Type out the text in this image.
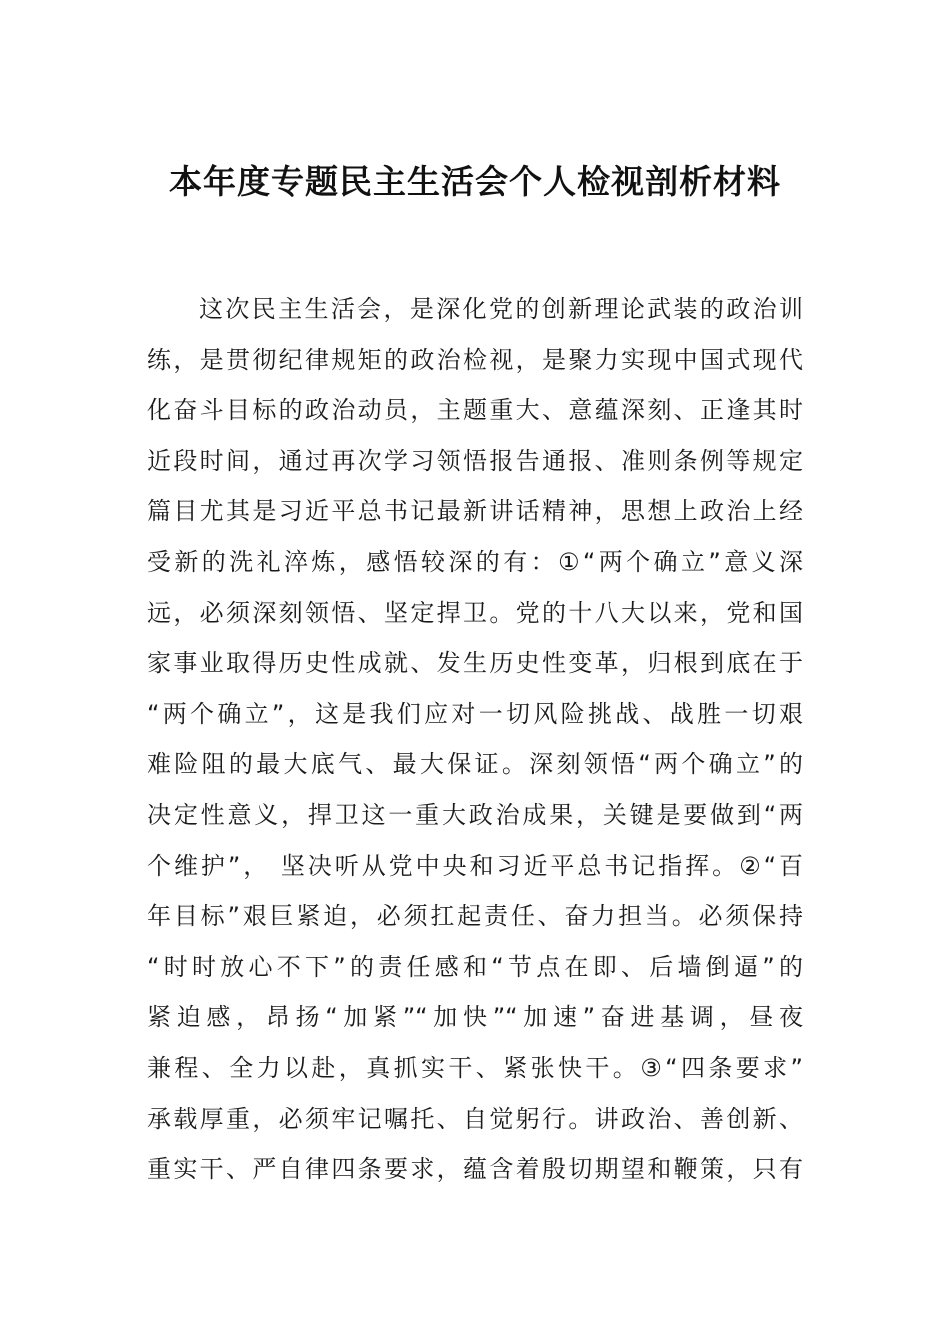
本年度专题民主生活会个人检视剖析材料
这次民主生活会，是深化党的创新理论武装的政治训
练，是贯彻纪律规矩的政治检视，是聚力实现中国式现代
化奋斗目标的政治动员，主题重大、意蕴深刻、正逢其时
近段时间，通过再次学习领悟报告通报、准则条例等规定
篇目尤其是习近平总书记最新讲话精神，思想上政治上经
受新的洗礼淬炼，感悟较深的有：①“两个确立”意义深
远，必须深刻领悟、坚定捍卫。党的十八大以来，党和国
家事业取得历史性成就、发生历史性变革，归根到底在于
“两个确立”，这是我们应对一切风险挑战、战胜一切艰
难险阻的最大底气、最大保证。深刻领悟“两个确立”的
决定性意义，捍卫这一重大政治成果，关键是要做到“两
个维护”， 坚决听从党中央和习近平总书记指挥。②“百
年目标”艰巨紧迫，必须扛起责任、奋力担当。必须保持
“时时放心不下”的责任感和“节点在即、后墙倒逼”的
紧迫感，昂扬“加紧”“加快”“加速”奋进基调，昼夜
兼程、全力以赴，真抓实干、紧张快干。③“四条要求”
承载厚重，必须牢记嘱托、自觉躬行。讲政治、善创新、
重实干、严自律四条要求，蕴含着殷切期望和鞭策，只有
